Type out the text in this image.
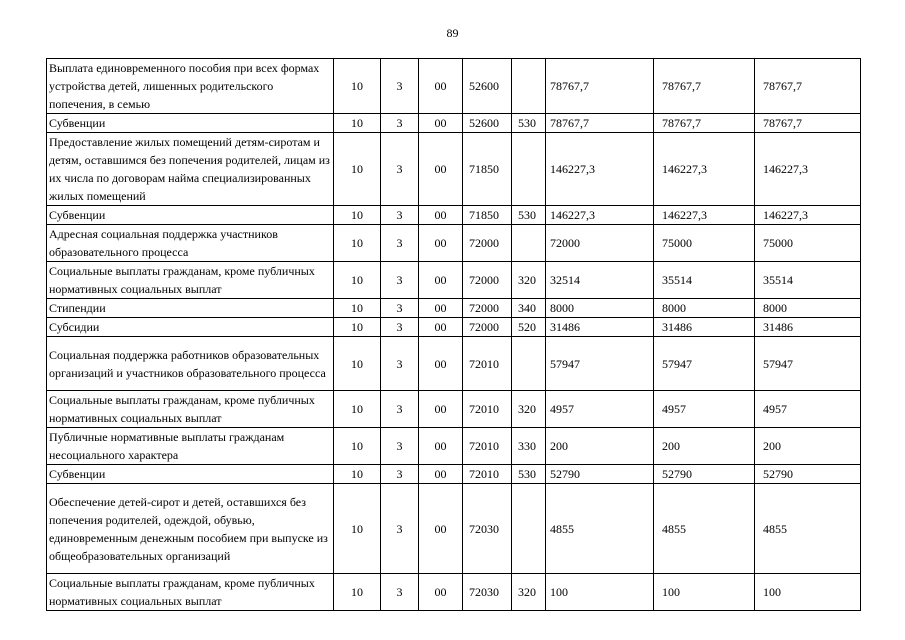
89
Выплата единовременного пособия при всех формах устройства детей, лишенных родительского попечения, в семью	10	3	00	52600		78767,7	78767,7	78767,7
Субвенции	10	3	00	52600	530	78767,7	78767,7	78767,7
Предоставление жилых помещений детям-сиротам и детям, оставшимся без попечения родителей, лицам из их числа по договорам найма специализированных жилых помещений	10	3	00	71850		146227,3	146227,3	146227,3
Субвенции	10	3	00	71850	530	146227,3	146227,3	146227,3
Адресная социальная поддержка участников образовательного процесса	10	3	00	72000		72000	75000	75000
Социальные выплаты гражданам, кроме публичных нормативных социальных выплат	10	3	00	72000	320	32514	35514	35514
Стипендии	10	3	00	72000	340	8000	8000	8000
Субсидии	10	3	00	72000	520	31486	31486	31486
Социальная поддержка работников образовательных организаций и участников образовательного процесса	10	3	00	72010		57947	57947	57947
Социальные выплаты гражданам, кроме публичных нормативных социальных выплат	10	3	00	72010	320	4957	4957	4957
Публичные нормативные выплаты гражданам несоциального характера	10	3	00	72010	330	200	200	200
Субвенции	10	3	00	72010	530	52790	52790	52790
Обеспечение детей-сирот и детей, оставшихся без попечения родителей, одеждой, обувью, единовременным денежным пособием при выпуске из общеобразовательных организаций	10	3	00	72030		4855	4855	4855
Социальные выплаты гражданам, кроме публичных нормативных социальных выплат	10	3	00	72030	320	100	100	100
